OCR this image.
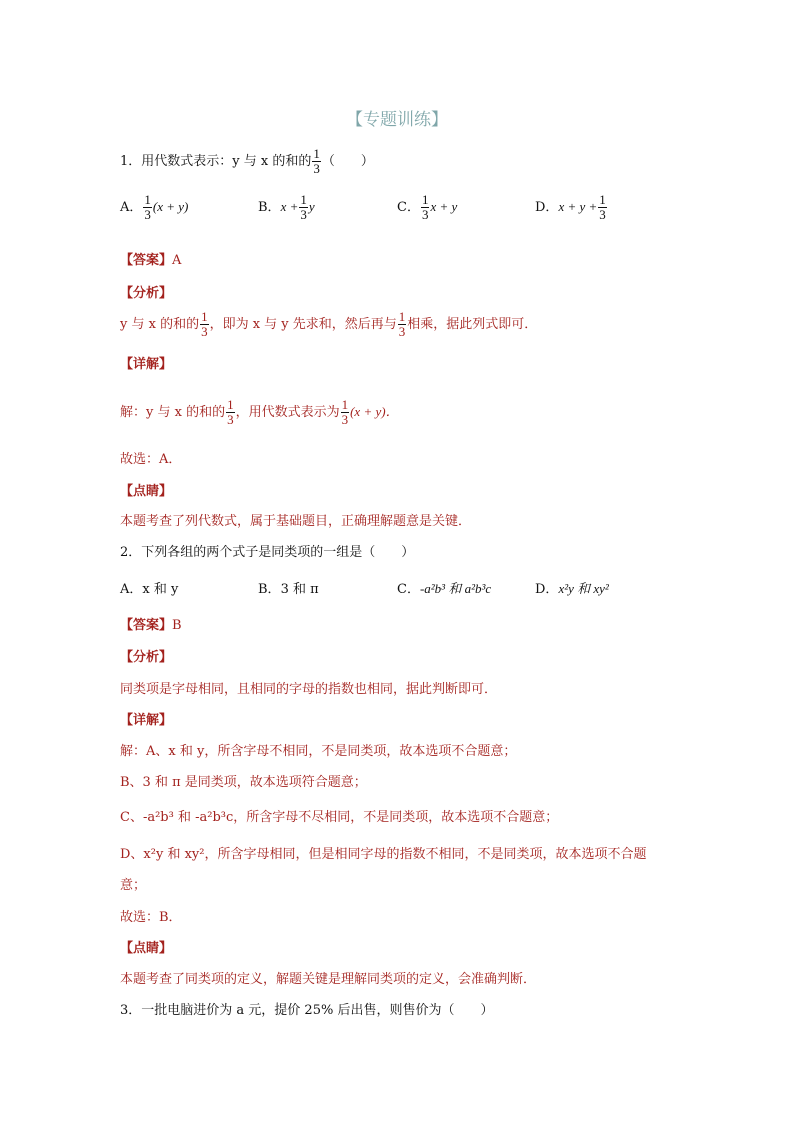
【专题训练】
1．用代数式表示：y 与 x 的和的 $\frac{1}{3}$ （　　）
A． $\frac{1}{3} (x + y)$	B．$x + \frac{1}{3}$ y	C． $\frac{1}{3}$ x + y	D．$x + y + \frac{1}{3}$
【答案】A
【分析】
y 与 x 的和的 $\frac{1}{3}$ ，即为 x 与 y 先求和，然后再与 $\frac{1}{3}$ 相乘，据此列式即可．
【详解】
解：y 与 x 的和的 $\frac{1}{3}$ ，用代数式表示为 $\frac{1}{3} (x + y)$．
故选：A．
【点睛】
本题考查了列代数式，属于基础题目，正确理解题意是关键．
2．下列各组的两个式子是同类项的一组是（　　）
A．x 和 y	B．3 和 π	C．-a²b³ 和 a²b³c	D．x²y 和 xy²
【答案】B
【分析】
同类项是字母相同，且相同的字母的指数也相同，据此判断即可．
【详解】
解：A、x 和 y，所含字母不相同，不是同类项，故本选项不合题意；
B、3 和 π 是同类项，故本选项符合题意；
C、-a²b³ 和 -a²b³c，所含字母不尽相同，不是同类项，故本选项不合题意；
D、x²y 和 xy²，所含字母相同，但是相同字母的指数不相同，不是同类项，故本选项不合题
意；
故选：B．
【点睛】
本题考查了同类项的定义，解题关键是理解同类项的定义，会准确判断．
3．一批电脑进价为 a 元，提价 25% 后出售，则售价为（　　）
